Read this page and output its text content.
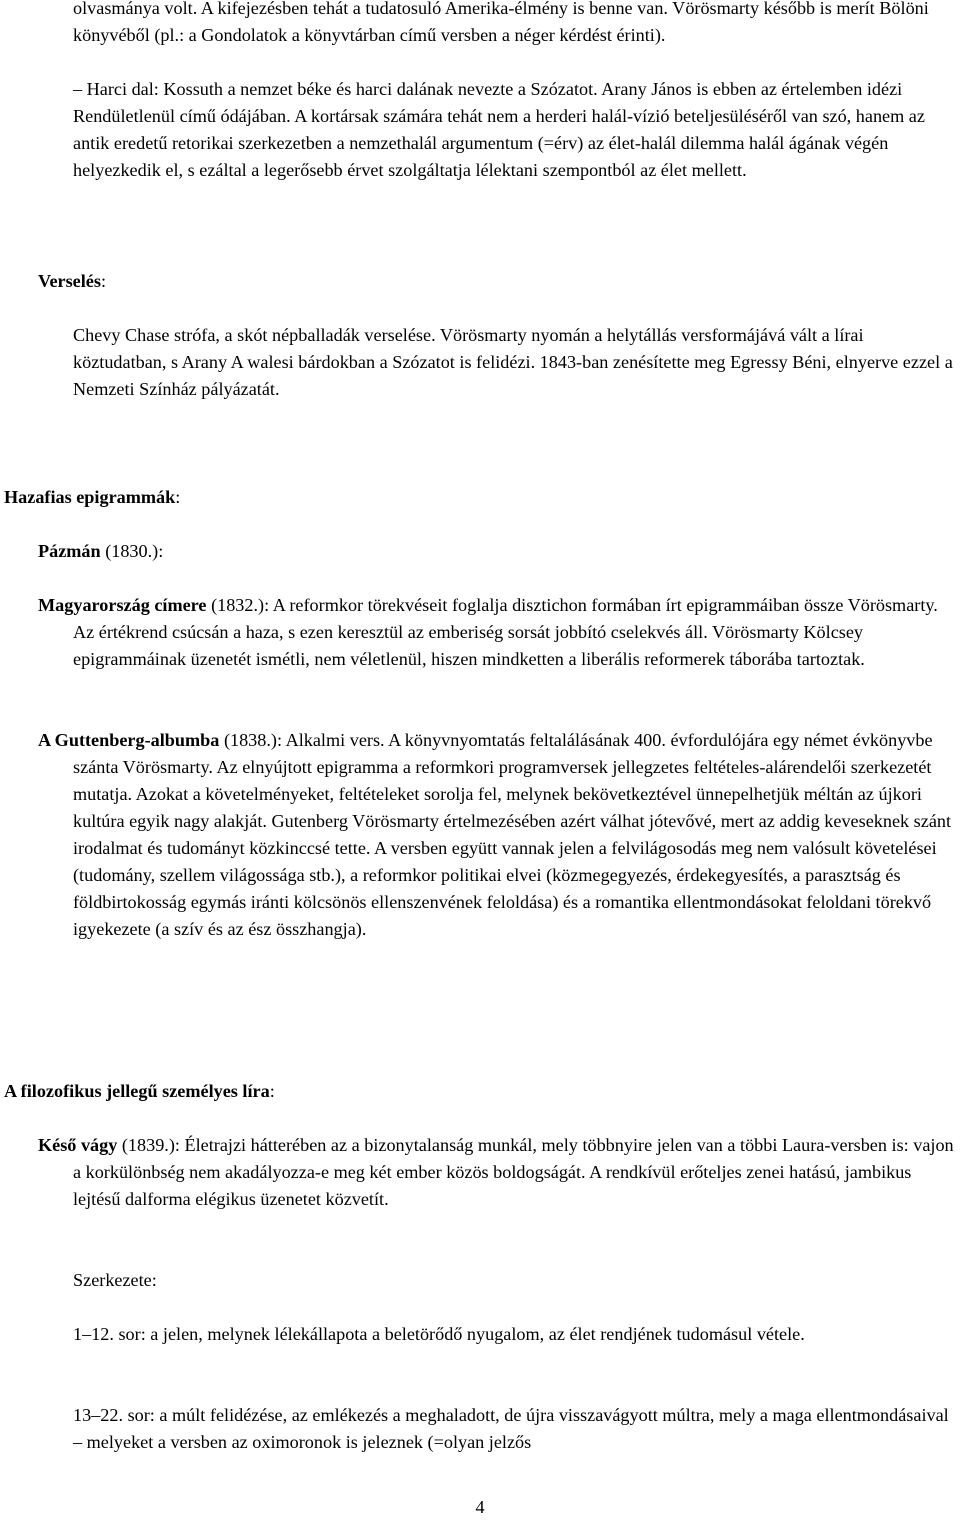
olvasmánya volt. A kifejezésben tehát a tudatosuló Amerika-élmény is benne van. Vörösmarty később is merít Bölöni könyvéből (pl.: a Gondolatok a könyvtárban című versben a néger kérdést érinti).

– Harci dal: Kossuth a nemzet béke és harci dalának nevezte a Szózatot. Arany János is ebben az értelemben idézi Rendületlenül című ódájában. A kortársak számára tehát nem a herderi halál-vízió beteljesüléséről van szó, hanem az antik eredetű retorikai szerkezetben a nemzethalál argumentum (=érv) az élet-halál dilemma halál ágának végén helyezkedik el, s ezáltal a legerősebb érvet szolgáltatja lélektani szempontból az élet mellett.

Verselés:

Chevy Chase strófa, a skót népballadák verselése. Vörösmarty nyomán a helytállás versformájává vált a lírai köztudatban, s Arany A walesi bárdokban a Szózatot is felidézi. 1843-ban zenésítette meg Egressy Béni, elnyerve ezzel a Nemzeti Színház pályázatát.

Hazafias epigrammák:

Pázmán (1830.):

Magyarország címere (1832.): A reformkor törekvéseit foglalja disztichon formában írt epigrammáiban össze Vörösmarty. Az értékrend csúcsán a haza, s ezen keresztül az emberiség sorsát jobbító cselekvés áll. Vörösmarty Kölcsey epigrammáinak üzenetét ismétli, nem véletlenül, hiszen mindketten a liberális reformerek táborába tartoztak.

A Guttenberg-albumba (1838.): Alkalmi vers. A könyvnyomtatás feltalálásának 400. évfordulójára egy német évkönyvbe szánta Vörösmarty. Az elnyújtott epigramma a reformkori programversek jellegzetes feltételes-alárendelői szerkezetét mutatja. Azokat a követelményeket, feltételeket sorolja fel, melynek bekövetkeztével ünnepelhetjük méltán az újkori kultúra egyik nagy alakját. Gutenberg Vörösmarty értelmezésében azért válhat jótevővé, mert az addig keveseknek szánt irodalmat és tudományt közkinccsé tette. A versben együtt vannak jelen a felvilágosodás meg nem valósult követelései (tudomány, szellem világossága stb.), a reformkor politikai elvei (közmegegyezés, érdekegyesítés, a parasztság és földbirtokosság egymás iránti kölcsönös ellenszenvének feloldása) és a romantika ellentmondásokat feloldani törekvő igyekezete (a szív és az ész összhangja).

A filozofikus jellegű személyes líra:

Késő vágy (1839.): Életrajzi hátterében az a bizonytalanság munkál, mely többnyire jelen van a többi Laura-versben is: vajon a korkülönbség nem akadályozza-e meg két ember közös boldogságát. A rendkívül erőteljes zenei hatású, jambikus lejtésű dalforma elégikus üzenetet közvetít.

Szerkezete:

1–12. sor: a jelen, melynek lélekállapota a beletörődő nyugalom, az élet rendjének tudomásul vétele.

13–22. sor: a múlt felidézése, az emlékezés a meghaladott, de újra visszavágyott múltra, mely a maga ellentmondásaival – melyeket a versben az oximoronok is jeleznek (=olyan jelzős

4
